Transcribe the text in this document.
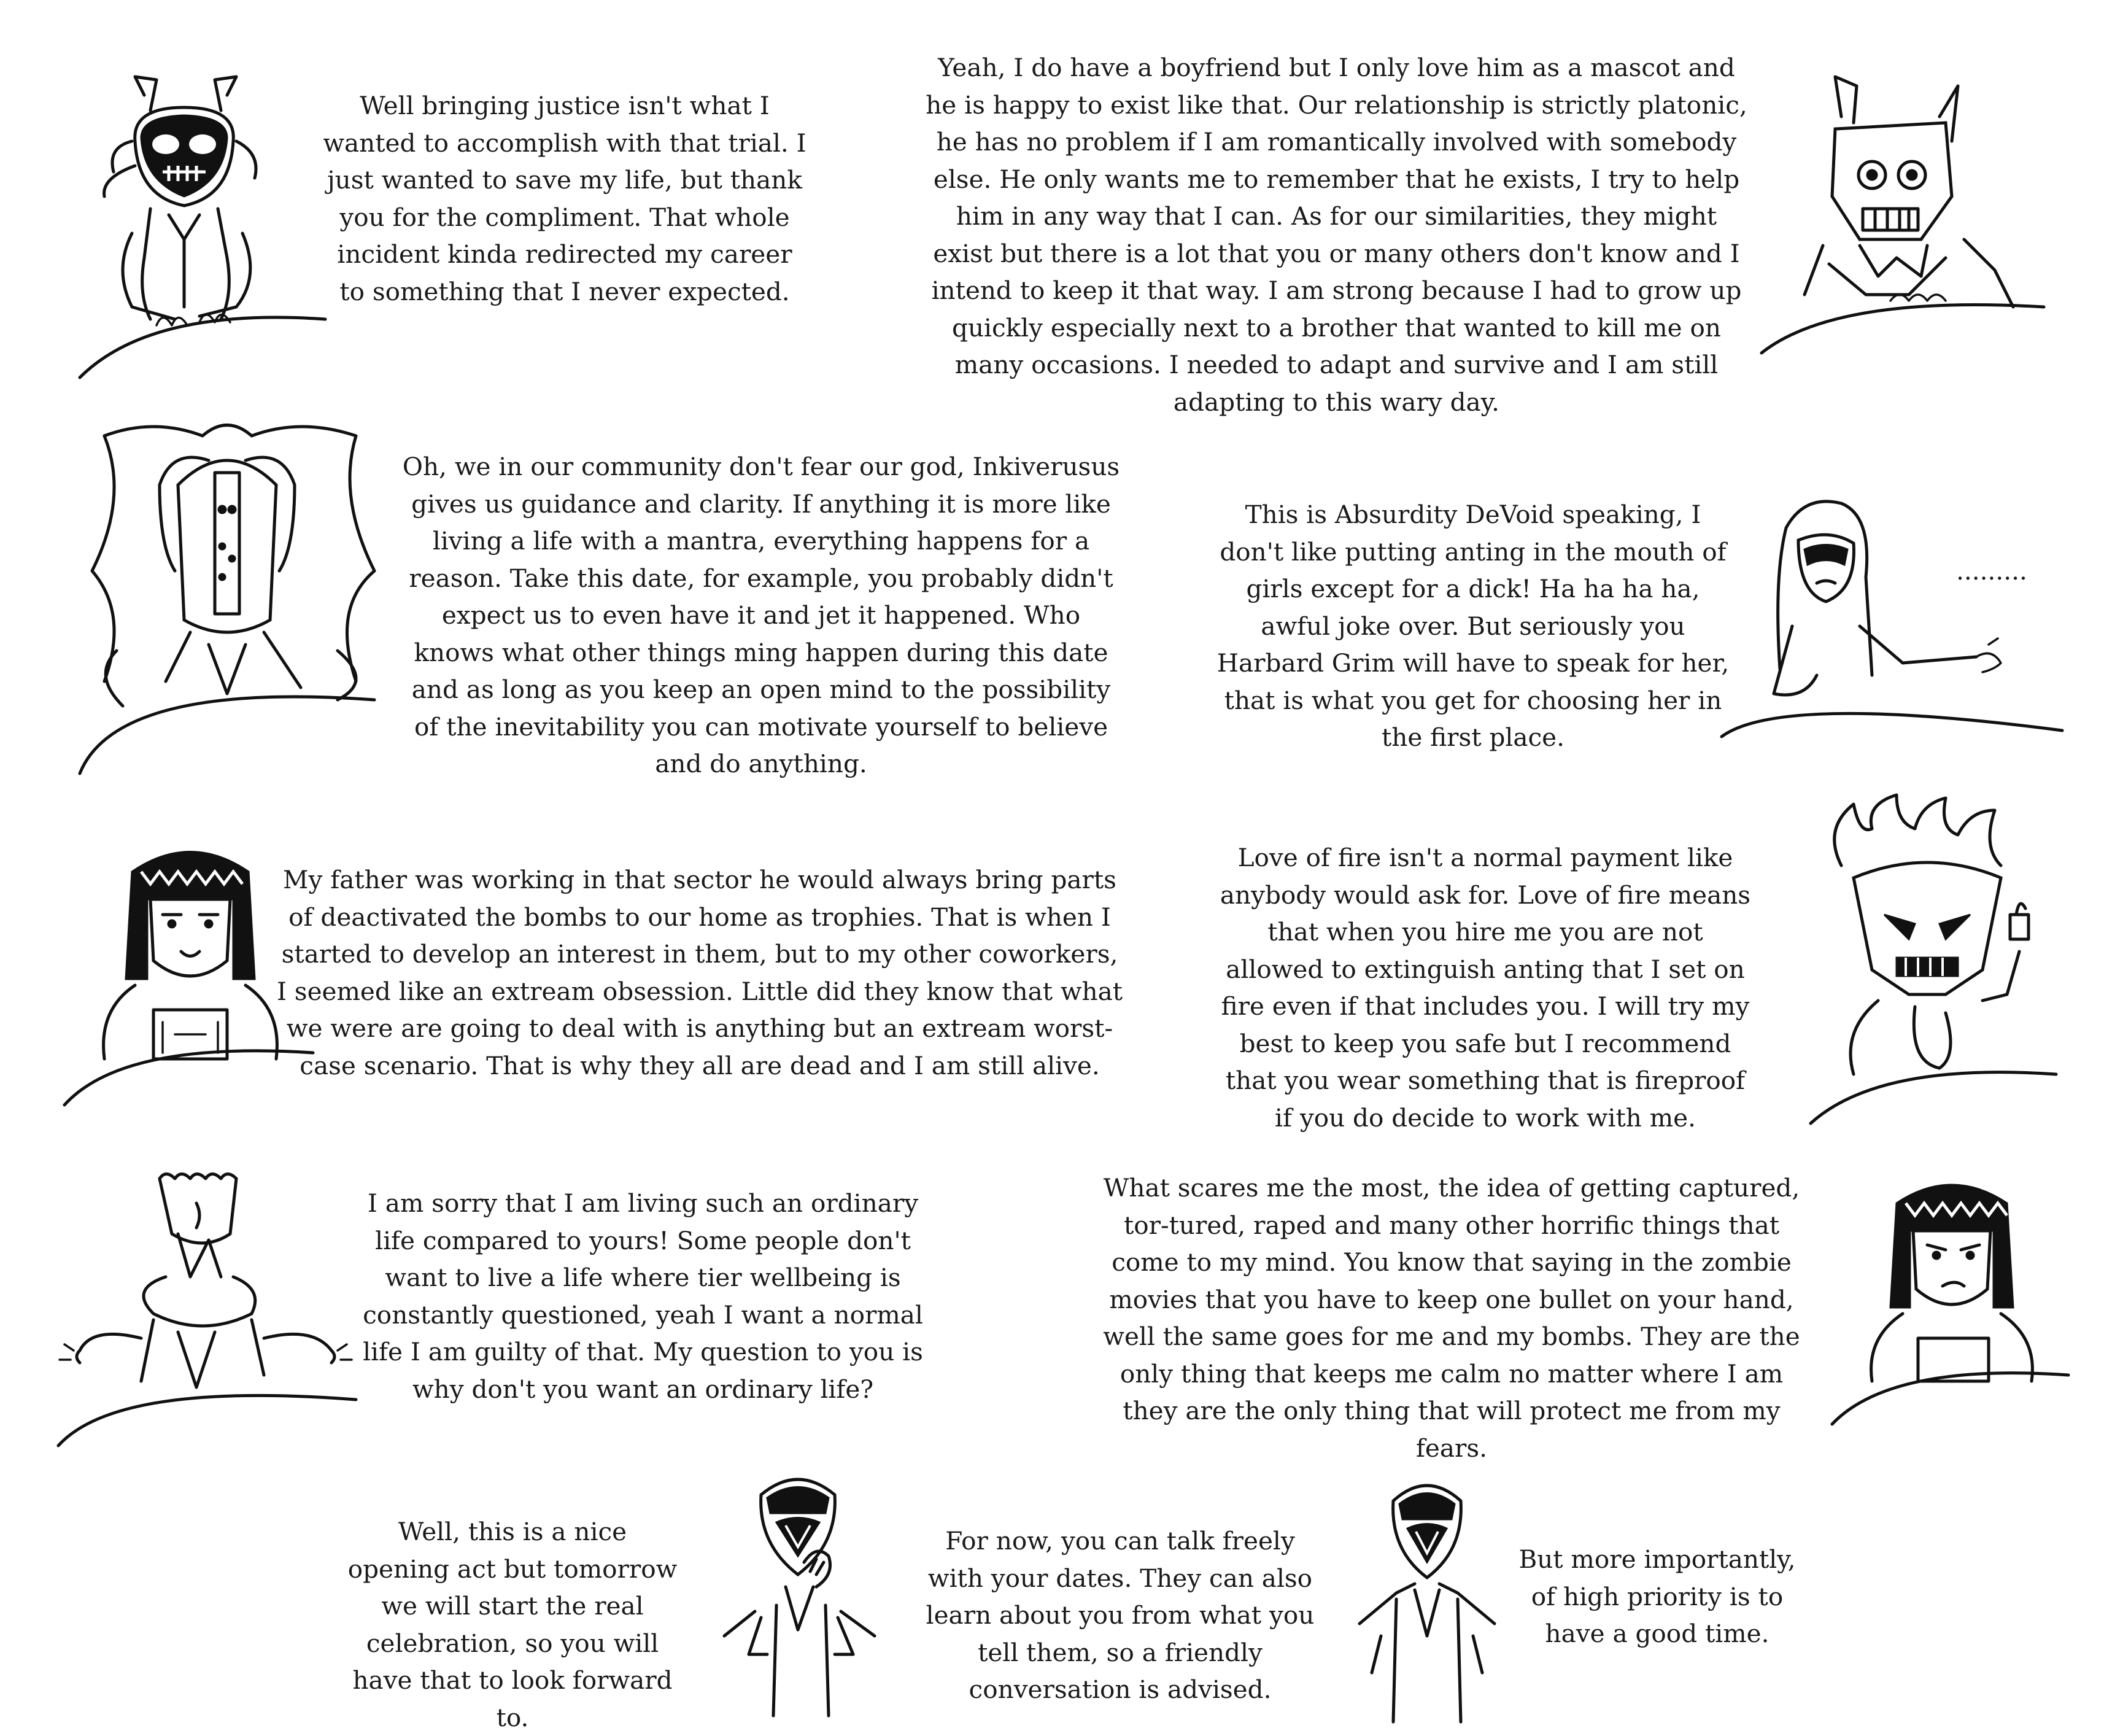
Well bringing justice isn't what I wanted to accomplish with that trial. I just wanted to save my life, but thank you for the compliment. That whole incident kinda redirected my career to something that I never expected.

Yeah, I do have a boyfriend but I only love him as a mascot and he is happy to exist like that. Our relationship is strictly platonic, he has no problem if I am romantically involved with somebody else. He only wants me to remember that he exists, I try to help him in any way that I can. As for our similarities, they might exist but there is a lot that you or many others don't know and I intend to keep it that way. I am strong because I had to grow up quickly especially next to a brother that wanted to kill me on many occasions. I needed to adapt and survive and I am still adapting to this wary day.

Oh, we in our community don't fear our god, Inkiverusus gives us guidance and clarity. If anything it is more like living a life with a mantra, everything happens for a reason. Take this date, for example, you probably didn't expect us to even have it and jet it happened. Who knows what other things ming happen during this date and as long as you keep an open mind to the possibility of the inevitability you can motivate yourself to believe and do anything.

This is Absurdity DeVoid speaking, I don't like putting anting in the mouth of girls except for a dick! Ha ha ha ha, awful joke over. But seriously you Harbard Grim will have to speak for her, that is what you get for choosing her in the first place.

.........

My father was working in that sector he would always bring parts of deactivated the bombs to our home as trophies. That is when I started to develop an interest in them, but to my other coworkers, I seemed like an extream obsession. Little did they know that what we were are going to deal with is anything but an extream worst-case scenario. That is why they all are dead and I am still alive.

Love of fire isn't a normal payment like anybody would ask for. Love of fire means that when you hire me you are not allowed to extinguish anting that I set on fire even if that includes you. I will try my best to keep you safe but I recommend that you wear something that is fireproof if you do decide to work with me.

I am sorry that I am living such an ordinary life compared to yours! Some people don't want to live a life where tier wellbeing is constantly questioned, yeah I want a normal life I am guilty of that. My question to you is why don't you want an ordinary life?

What scares me the most, the idea of getting captured, tor-tured, raped and many other horrific things that come to my mind. You know that saying in the zombie movies that you have to keep one bullet on your hand, well the same goes for me and my bombs. They are the only thing that keeps me calm no matter where I am they are the only thing that will protect me from my fears.

Well, this is a nice opening act but tomorrow we will start the real celebration, so you will have that to look forward to.

For now, you can talk freely with your dates. They can also learn about you from what you tell them, so a friendly conversation is advised.

But more importantly, of high priority is to have a good time.
